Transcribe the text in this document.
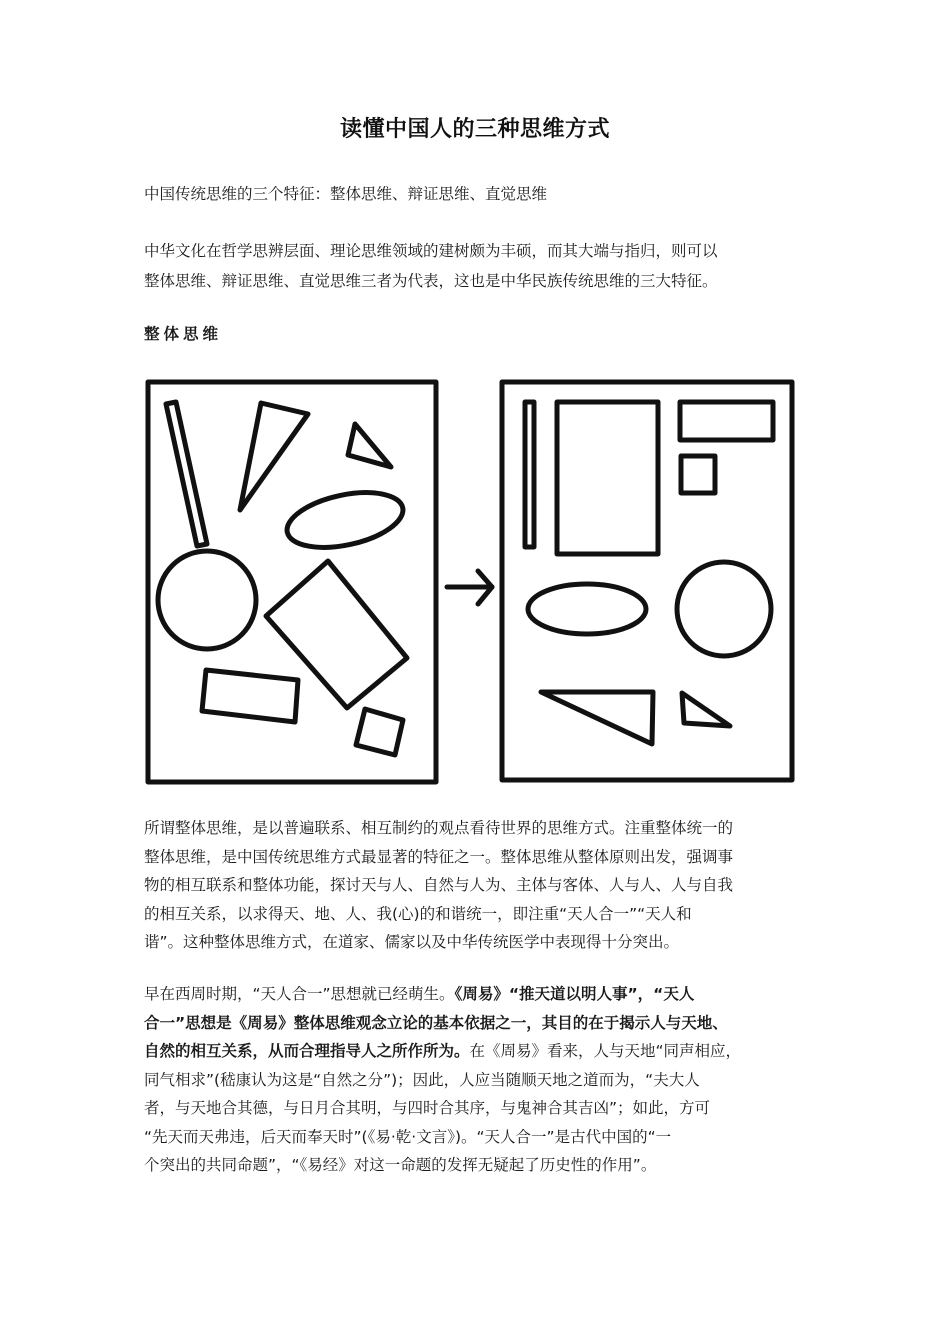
读懂中国人的三种思维方式
中国传统思维的三个特征：整体思维、辩证思维、直觉思维
中华文化在哲学思辨层面、理论思维领域的建树颇为丰硕，而其大端与指归，则可以
整体思维、辩证思维、直觉思维三者为代表，这也是中华民族传统思维的三大特征。
整体思维
所谓整体思维，是以普遍联系、相互制约的观点看待世界的思维方式。注重整体统一的
整体思维，是中国传统思维方式最显著的特征之一。整体思维从整体原则出发，强调事
物的相互联系和整体功能，探讨天与人、自然与人为、主体与客体、人与人、人与自我
的相互关系，以求得天、地、人、我(心)的和谐统一，即注重“天人合一”“天人和
谐”。这种整体思维方式，在道家、儒家以及中华传统医学中表现得十分突出。
早在西周时期，“天人合一”思想就已经萌生。《周易》“推天道以明人事”，“天人
合一”思想是《周易》整体思维观念立论的基本依据之一，其目的在于揭示人与天地、
自然的相互关系，从而合理指导人之所作所为。在《周易》看来，人与天地“同声相应，
同气相求”(嵇康认为这是“自然之分”)；因此，人应当随顺天地之道而为，“夫大人
者，与天地合其德，与日月合其明，与四时合其序，与鬼神合其吉凶”；如此，方可
“先天而天弗违，后天而奉天时”(《易·乾·文言》)。“天人合一”是古代中国的“一
个突出的共同命题”，“《易经》对这一命题的发挥无疑起了历史性的作用”。
